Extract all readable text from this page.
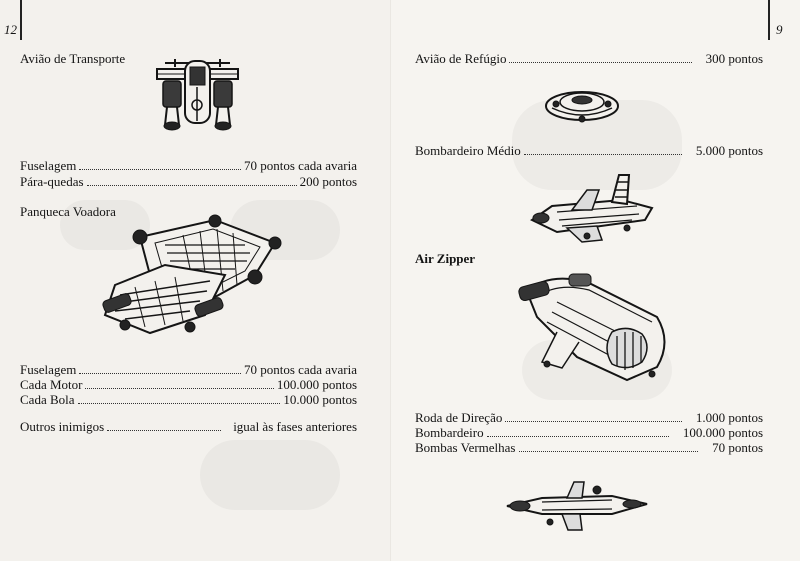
12
Avião de Transporte
Fuselagem	70 pontos cada avaria
Pára-quedas	200 pontos
Panqueca Voadora
Fuselagem	70 pontos cada avaria
Cada Motor	100.000 pontos
Cada Bola	10.000 pontos
Outros inimigos	igual às fases anteriores
9
Avião de Refúgio	300 pontos
Bombardeiro Médio	5.000 pontos
Air Zipper
Roda de Direção	1.000 pontos
Bombardeiro	100.000 pontos
Bombas Vermelhas	70 pontos
